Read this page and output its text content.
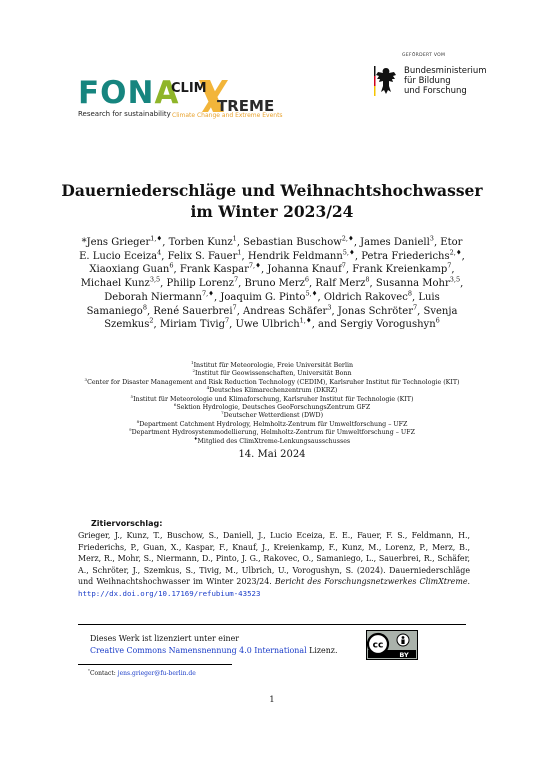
FONA
Research for sustainability
CLIM
TREME
Climate Change and Extreme Events
GEFÖRDERT VOM
Bundesministerium
für Bildung
und Forschung
Dauerniederschläge und Weihnachtshochwasser
im Winter 2023/24
*Jens Grieger$^{1,♦}$, Torben Kunz$^1$, Sebastian Buschow$^{2,♦}$, James Daniell$^3$, Etor E. Lucio Eceiza$^4$, Felix S. Fauer$^1$, Hendrik Feldmann$^{5,♦}$, Petra Friederichs$^{2,♦}$, Xiaoxiang Guan$^6$, Frank Kaspar$^{7,♦}$, Johanna Knauf$^7$, Frank Kreienkamp$^7$, Michael Kunz$^{3,5}$, Philip Lorenz$^7$, Bruno Merz$^6$, Ralf Merz$^8$, Susanna Mohr$^{3,5}$, Deborah Niermann$^{7,♦}$, Joaquim G. Pinto$^{5,♦}$, Oldrich Rakovec$^8$, Luis Samaniego$^8$, René Sauerbrei$^7$, Andreas Schäfer$^3$, Jonas Schröter$^7$, Svenja Szemkus$^2$, Miriam Tivig$^7$, Uwe Ulbrich$^{1,♦}$, and Sergiy Vorogushyn$^6$
$^1$Institut für Meteorologie, Freie Universität Berlin
$^2$Institut für Geowissenschaften, Universität Bonn
$^3$Center for Disaster Management and Risk Reduction Technology (CEDIM), Karlsruher Institut für Technologie (KIT)
$^4$Deutsches Klimarechenzentrum (DKRZ)
$^5$Institut für Meteorologie und Klimaforschung, Karlsruher Institut für Technologie (KIT)
$^6$Sektion Hydrologie, Deutsches GeoForschungsZentrum GFZ
$^7$Deutscher Wetterdienst (DWD)
$^8$Department Catchment Hydrology, Helmholtz-Zentrum für Umweltforschung – UFZ
$^9$Department Hydrosystemmodellierung, Helmholtz-Zentrum für Umweltforschung – UFZ
♦Mitglied des ClimXtreme-Lenkungsausschusses
14. Mai 2024
Zitiervorschlag:
Grieger, J., Kunz, T., Buschow, S., Daniell, J., Lucio Eceiza, E. E., Fauer, F. S., Feldmann, H., Friederichs, P., Guan, X., Kaspar, F., Knauf, J., Kreienkamp, F., Kunz, M., Lorenz, P., Merz, B., Merz, R., Mohr, S., Niermann, D., Pinto, J. G., Rakovec, O., Samaniego, L., Sauerbrei, R., Schäfer, A., Schröter, J., Szemkus, S., Tivig, M., Ulbrich, U., Vorogushyn, S. (2024). Dauerniederschläge und Weihnachtshochwasser im Winter 2023/24. Bericht des Forschungsnetzwerkes ClimXtreme. http://dx.doi.org/10.17169/refubium-43523
Dieses Werk ist lizenziert unter einer
Creative Commons Namensnennung 4.0 International Lizenz.	cc
BY
*Contact: jens.grieger@fu-berlin.de
1
